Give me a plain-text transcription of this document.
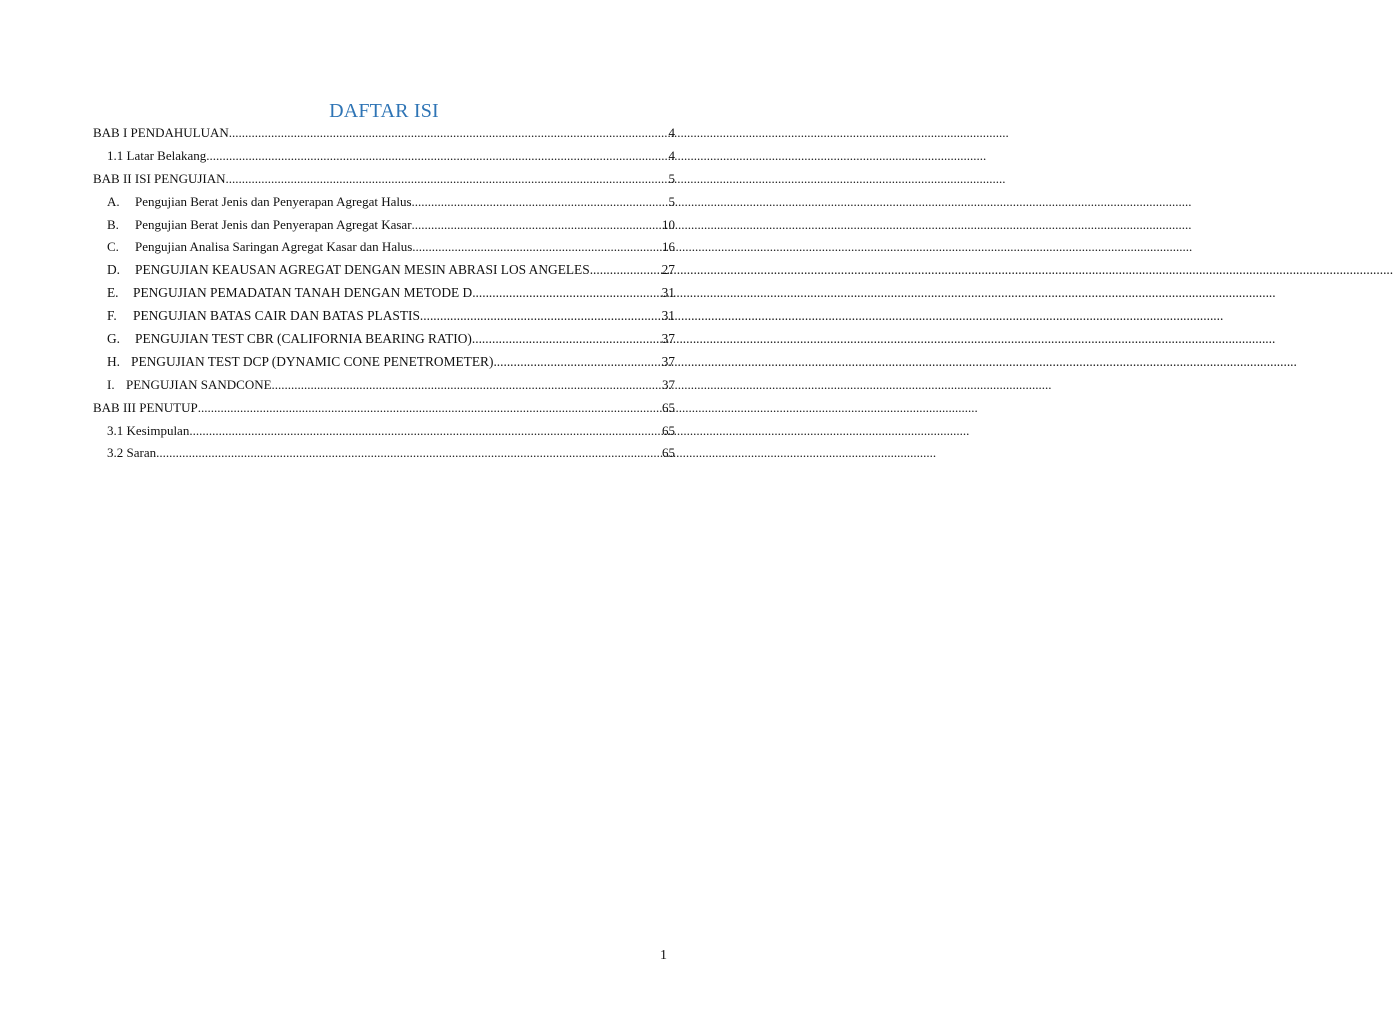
DAFTAR ISI
BAB I PENDAHULUAN .....	4
1.1 Latar Belakang .....	4
BAB II ISI PENGUJIAN .....	5
A.	Pengujian Berat Jenis dan Penyerapan Agregat Halus .....	5
B.	Pengujian Berat Jenis dan Penyerapan Agregat Kasar .....	10
C.	Pengujian Analisa Saringan Agregat Kasar dan Halus .....	16
D.	PENGUJIAN KEAUSAN AGREGAT DENGAN MESIN ABRASI LOS ANGELES .....	27
E.	PENGUJIAN PEMADATAN TANAH DENGAN METODE D .....	31
F.	PENGUJIAN BATAS CAIR DAN BATAS PLASTIS .....	31
G.	PENGUJIAN TEST CBR (CALIFORNIA BEARING RATIO) .....	37
H. PENGUJIAN TEST DCP (DYNAMIC CONE PENETROMETER) .....	37
I. PENGUJIAN SANDCONE .....	37
BAB III PENUTUP .....	65
3.1 Kesimpulan .....	65
3.2 Saran .....	65
1
